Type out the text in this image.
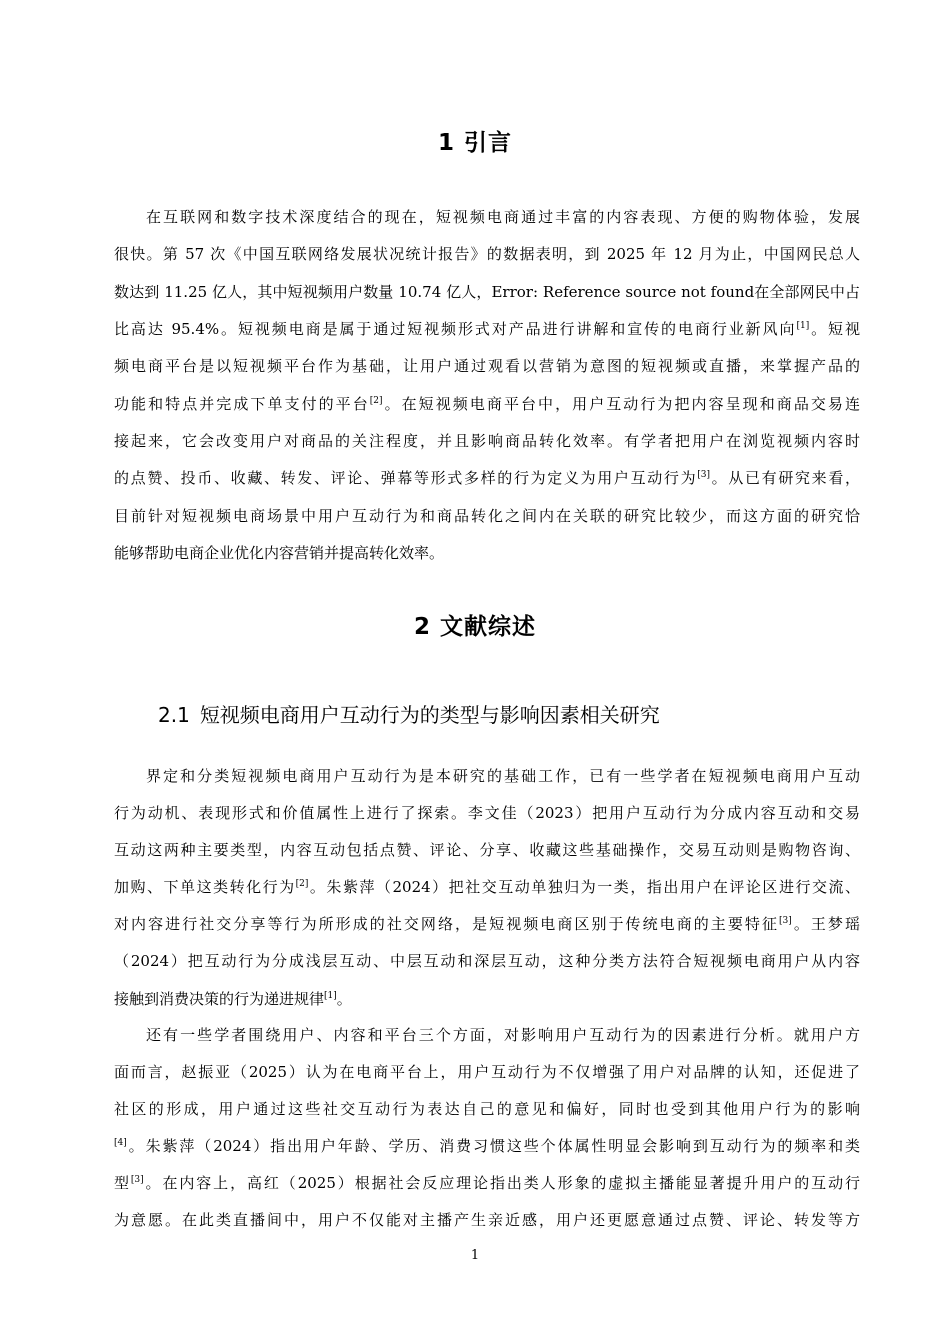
1 引言
在互联网和数字技术深度结合的现在，短视频电商通过丰富的内容表现、方便的购物体验，发展
很快。第 57 次《中国互联网络发展状况统计报告》的数据表明，到 2025 年 12 月为止，中国网民总人
数达到 11.25 亿人，其中短视频用户数量 10.74 亿人，Error: Reference source not found在全部网民中占
比高达 95.4%。短视频电商是属于通过短视频形式对产品进行讲解和宣传的电商行业新风向[1]。短视
频电商平台是以短视频平台作为基础，让用户通过观看以营销为意图的短视频或直播，来掌握产品的
功能和特点并完成下单支付的平台[2]。在短视频电商平台中，用户互动行为把内容呈现和商品交易连
接起来，它会改变用户对商品的关注程度，并且影响商品转化效率。有学者把用户在浏览视频内容时
的点赞、投币、收藏、转发、评论、弹幕等形式多样的行为定义为用户互动行为[3]。从已有研究来看，
目前针对短视频电商场景中用户互动行为和商品转化之间内在关联的研究比较少，而这方面的研究恰
能够帮助电商企业优化内容营销并提高转化效率。
2 文献综述
2.1 短视频电商用户互动行为的类型与影响因素相关研究
界定和分类短视频电商用户互动行为是本研究的基础工作，已有一些学者在短视频电商用户互动
行为动机、表现形式和价值属性上进行了探索。李文佳（2023）把用户互动行为分成内容互动和交易
互动这两种主要类型，内容互动包括点赞、评论、分享、收藏这些基础操作，交易互动则是购物咨询、
加购、下单这类转化行为[2]。朱紫萍（2024）把社交互动单独归为一类，指出用户在评论区进行交流、
对内容进行社交分享等行为所形成的社交网络，是短视频电商区别于传统电商的主要特征[3]。王梦瑶
（2024）把互动行为分成浅层互动、中层互动和深层互动，这种分类方法符合短视频电商用户从内容
接触到消费决策的行为递进规律[1]。
还有一些学者围绕用户、内容和平台三个方面，对影响用户互动行为的因素进行分析。就用户方
面而言，赵振亚（2025）认为在电商平台上，用户互动行为不仅增强了用户对品牌的认知，还促进了
社区的形成，用户通过这些社交互动行为表达自己的意见和偏好，同时也受到其他用户行为的影响
[4]。朱紫萍（2024）指出用户年龄、学历、消费习惯这些个体属性明显会影响到互动行为的频率和类
型[3]。在内容上，高红（2025）根据社会反应理论指出类人形象的虚拟主播能显著提升用户的互动行
为意愿。在此类直播间中，用户不仅能对主播产生亲近感，用户还更愿意通过点赞、评论、转发等方
1
